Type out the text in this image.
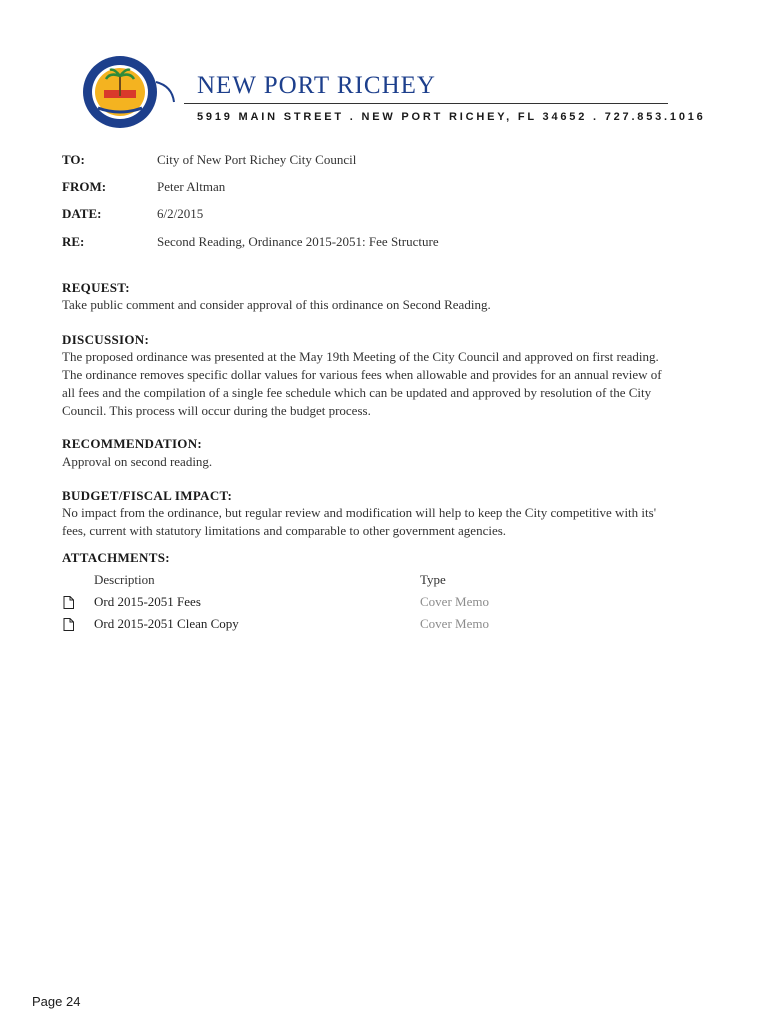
NEW PORT RICHEY
5919 MAIN STREET . NEW PORT RICHEY, FL 34652 . 727.853.1016
TO:	City of New Port Richey City Council
FROM:	Peter Altman
DATE:	6/2/2015
RE:	Second Reading, Ordinance 2015-2051: Fee Structure
REQUEST:
Take public comment and consider approval of this ordinance on Second Reading.
DISCUSSION:
The proposed ordinance was presented at the May 19th Meeting of the City Council and approved on first reading. The ordinance removes specific dollar values for various fees when allowable and provides for an annual review of all fees and the compilation of a single fee schedule which can be updated and approved by resolution of the City Council. This process will occur during the budget process.
RECOMMENDATION:
Approval on second reading.
BUDGET/FISCAL IMPACT:
No impact from the ordinance, but regular review and modification will help to keep the City competitive with its' fees, current with statutory limitations and comparable to other government agencies.
ATTACHMENTS:
Description	Type
Ord 2015-2051 Fees	Cover Memo
Ord 2015-2051 Clean Copy	Cover Memo
Page 24
